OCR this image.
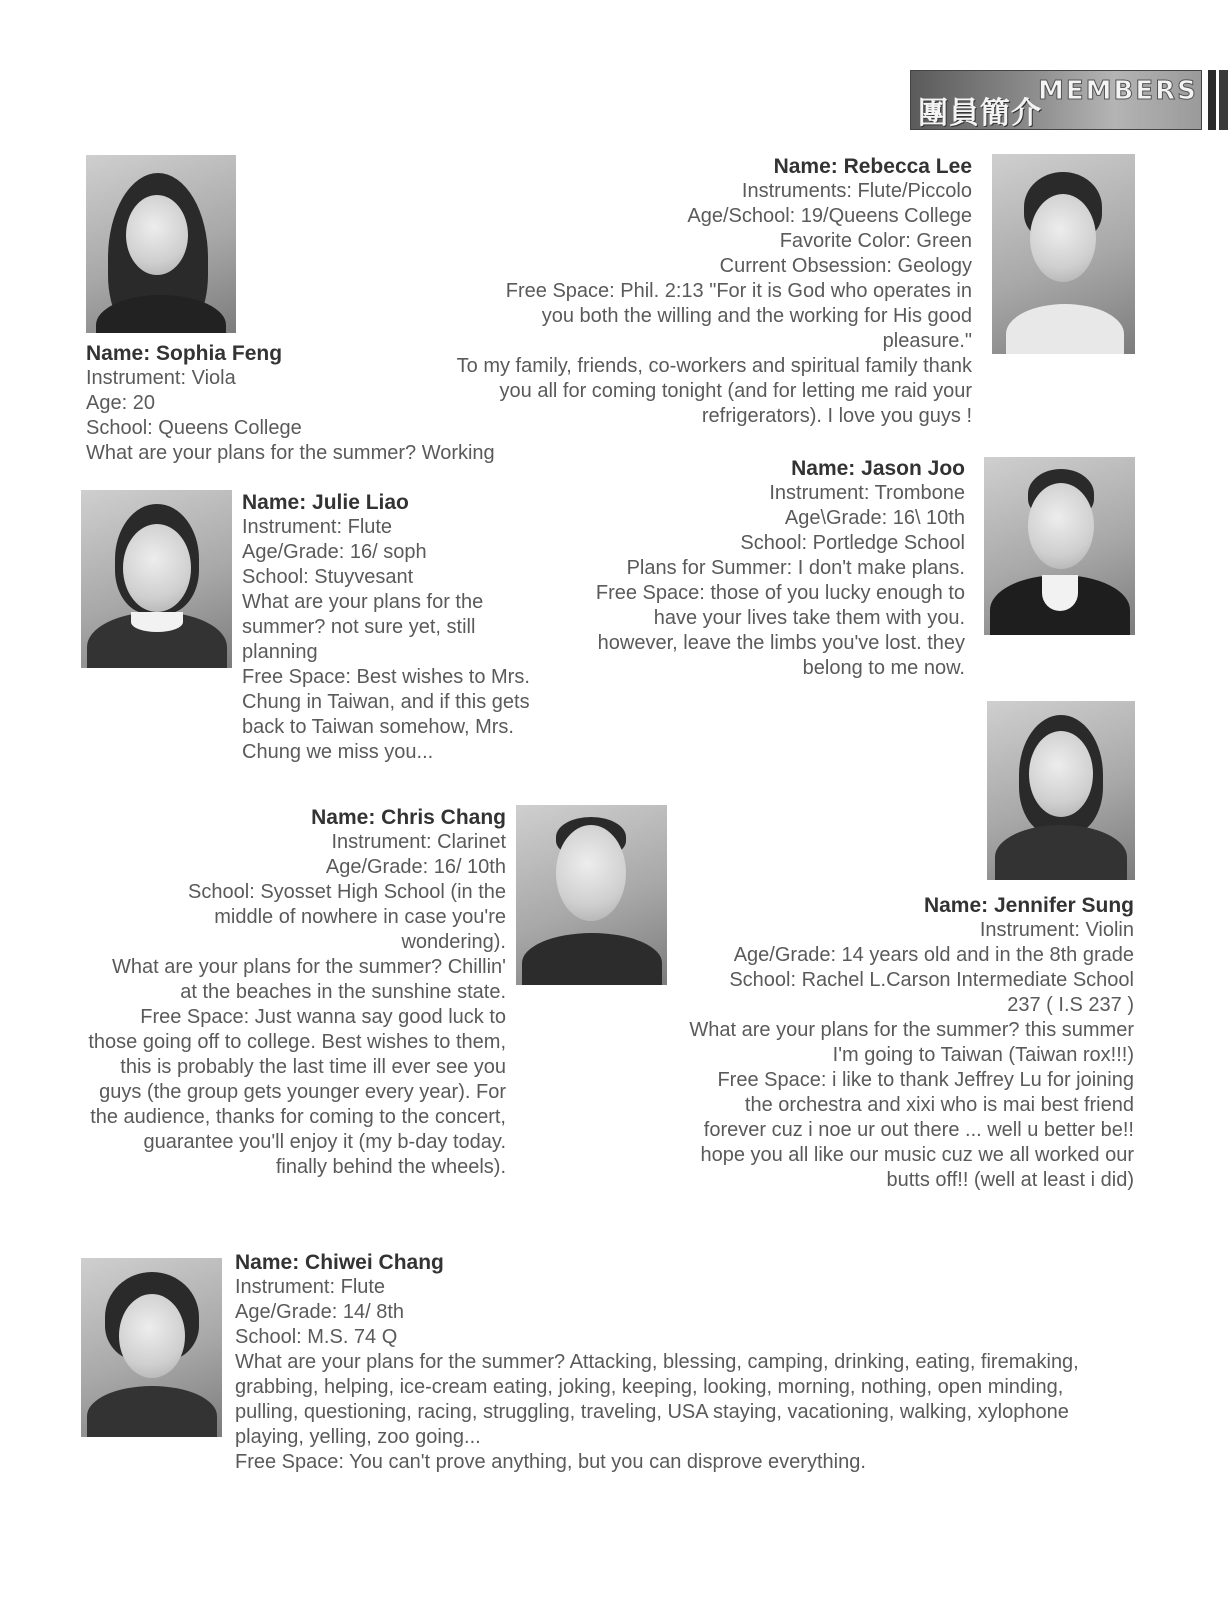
團員簡介
MEMBERS
Name: Sophia Feng
Instrument: Viola
Age: 20
School: Queens College
What are your plans for the summer? Working
Name: Rebecca Lee
Instruments: Flute/Piccolo
Age/School: 19/Queens College
Favorite Color: Green
Current Obsession: Geology
Free Space: Phil. 2:13 "For it is God who operates in you both the willing and the working for His good pleasure."
To my family, friends, co-workers and spiritual family thank you all for coming tonight (and for letting me raid your refrigerators). I love you guys !
Name: Julie Liao
Instrument: Flute
Age/Grade: 16/ soph
School: Stuyvesant
What are your plans for the summer? not sure yet, still planning
Free Space: Best wishes to Mrs. Chung in Taiwan, and if this gets back to Taiwan somehow, Mrs. Chung we miss you...
Name: Jason Joo
Instrument: Trombone
Age\Grade: 16\ 10th
School: Portledge School
Plans for Summer: I don't make plans.
Free Space: those of you lucky enough to have your lives take them with you. however, leave the limbs you've lost. they belong to me now.
Name: Chris Chang
Instrument: Clarinet
Age/Grade: 16/ 10th
School: Syosset High School (in the middle of nowhere in case you're wondering).
What are your plans for the summer? Chillin' at the beaches in the sunshine state.
Free Space: Just wanna say good luck to those going off to college. Best wishes to them, this is probably the last time ill ever see you guys (the group gets younger every year). For the audience, thanks for coming to the concert, guarantee you'll enjoy it (my b-day today. finally behind the wheels).
Name: Jennifer Sung
Instrument: Violin
Age/Grade: 14 years old and in the 8th grade
School: Rachel L.Carson Intermediate School 237 ( I.S 237 )
What are your plans for the summer? this summer I'm going to Taiwan (Taiwan rox!!!)
Free Space: i like to thank Jeffrey Lu for joining the orchestra and xixi who is mai best friend forever cuz i noe ur out there ... well u better be!! hope you all like our music cuz we all worked our butts off!! (well at least i did)
Name: Chiwei Chang
Instrument: Flute
Age/Grade: 14/ 8th
School: M.S. 74 Q
What are your plans for the summer? Attacking, blessing, camping, drinking, eating, firemaking, grabbing, helping, ice-cream eating, joking, keeping, looking, morning, nothing, open minding, pulling, questioning, racing, struggling, traveling, USA staying, vacationing, walking, xylophone playing, yelling, zoo going...
Free Space: You can't prove anything, but you can disprove everything.
